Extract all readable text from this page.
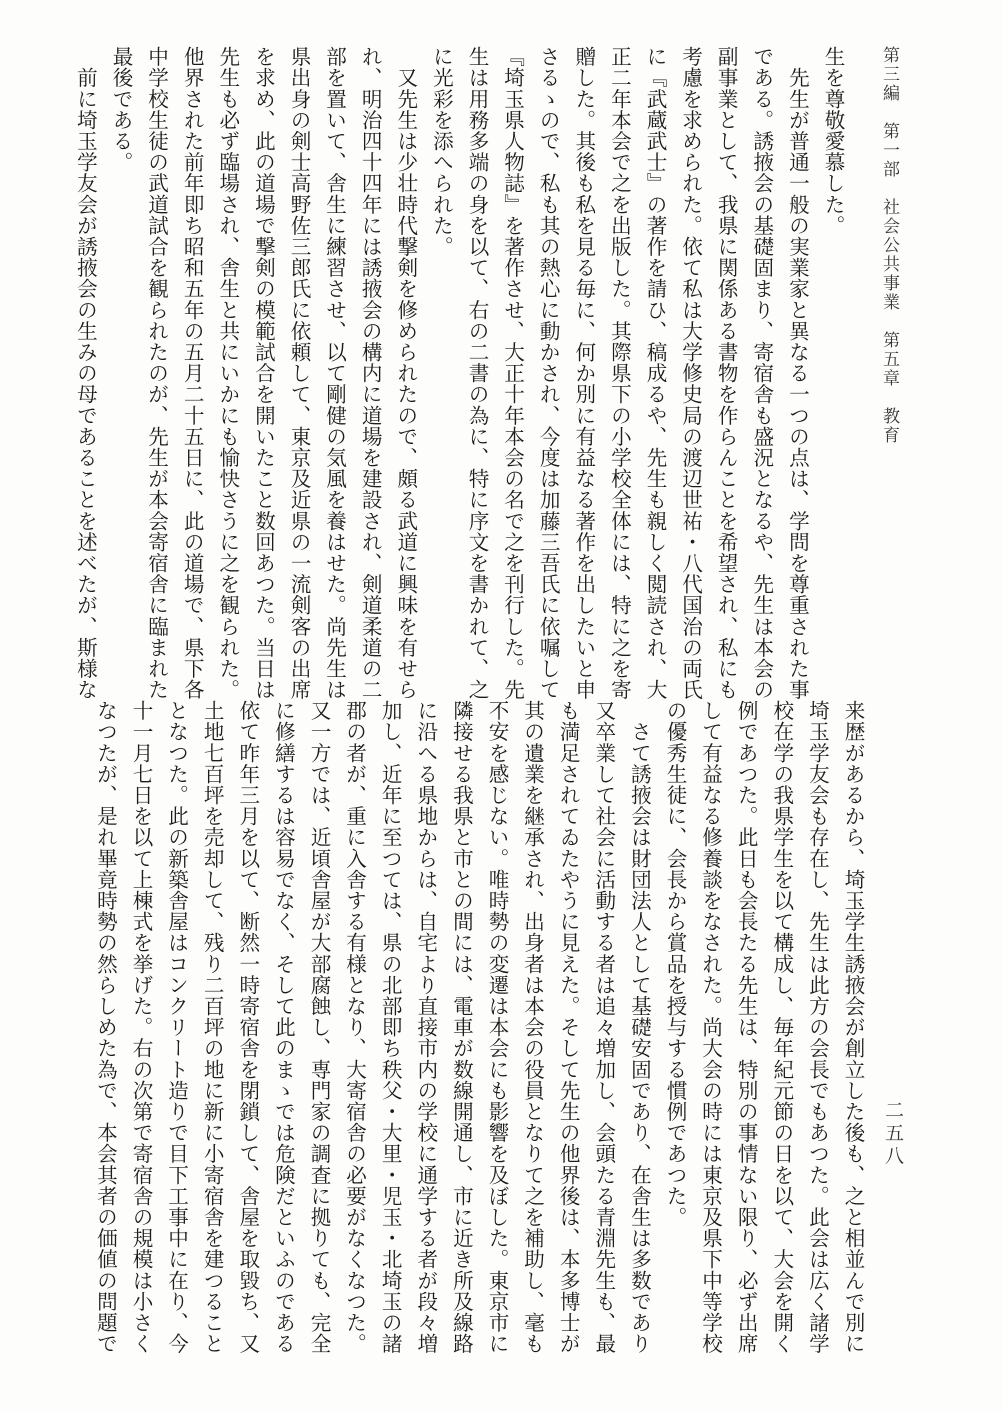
第三編　第一部　社会公共事業　第五章　教育
二五八
生を尊敬愛慕した。
　先生が普通一般の実業家と異なる一つの点は、学問を尊重された事
である。誘掖会の基礎固まり、寄宿舎も盛況となるや、先生は本会の
副事業として、我県に関係ある書物を作らんことを希望され、私にも
考慮を求められた。依て私は大学修史局の渡辺世祐・八代国治の両氏
に『武蔵武士』の著作を請ひ、稿成るや、先生も親しく閲読され、大
正二年本会で之を出版した。其際県下の小学校全体には、特に之を寄
贈した。其後も私を見る毎に、何か別に有益なる著作を出したいと申
さるゝので、私も其の熱心に動かされ、今度は加藤三吾氏に依嘱して
『埼玉県人物誌』を著作させ、大正十年本会の名で之を刊行した。先
生は用務多端の身を以て、右の二書の為に、特に序文を書かれて、之
に光彩を添へられた。
　又先生は少壮時代撃剣を修められたので、頗る武道に興味を有せら
れ、明治四十四年には誘掖会の構内に道場を建設され、剣道柔道の二
部を置いて、舎生に練習させ、以て剛健の気風を養はせた。尚先生は
県出身の剣士高野佐三郎氏に依頼して、東京及近県の一流剣客の出席
を求め、此の道場で撃剣の模範試合を開いたこと数回あつた。当日は
先生も必ず臨場され、舎生と共にいかにも愉快さうに之を観られた。
他界された前年即ち昭和五年の五月二十五日に、此の道場で、県下各
中学校生徒の武道試合を観られたのが、先生が本会寄宿舎に臨まれた
最後である。
　前に埼玉学友会が誘掖会の生みの母であることを述べたが、斯様な
来歴があるから、埼玉学生誘掖会が創立した後も、之と相並んで別に
埼玉学友会も存在し、先生は此方の会長でもあつた。此会は広く諸学
校在学の我県学生を以て構成し、毎年紀元節の日を以て、大会を開く
例であつた。此日も会長たる先生は、特別の事情ない限り、必ず出席
して有益なる修養談をなされた。尚大会の時には東京及県下中等学校
の優秀生徒に、会長から賞品を授与する慣例であつた。
　さて誘掖会は財団法人として基礎安固であり、在舎生は多数であり
又卒業して社会に活動する者は追々増加し、会頭たる青淵先生も、最
も満足されてゐたやうに見えた。そして先生の他界後は、本多博士が
其の遺業を継承され、出身者は本会の役員となりて之を補助し、毫も
不安を感じない。唯時勢の変遷は本会にも影響を及ぼした。東京市に
隣接せる我県と市との間には、電車が数線開通し、市に近き所及線路
に沿へる県地からは、自宅より直接市内の学校に通学する者が段々増
加し、近年に至つては、県の北部即ち秩父・大里・児玉・北埼玉の諸
郡の者が、重に入舎する有様となり、大寄宿舎の必要がなくなつた。
又一方では、近頃舎屋が大部腐蝕し、専門家の調査に拠りても、完全
に修繕するは容易でなく、そして此のまゝでは危険だといふのである
依て昨年三月を以て、断然一時寄宿舎を閉鎖して、舎屋を取毀ち、又
土地七百坪を売却して、残り二百坪の地に新に小寄宿舎を建つること
となつた。此の新築舎屋はコンクリート造りで目下工事中に在り、今
十一月七日を以て上棟式を挙げた。右の次第で寄宿舎の規模は小さく
なつたが、是れ畢竟時勢の然らしめた為で、本会其者の価値の問題で
